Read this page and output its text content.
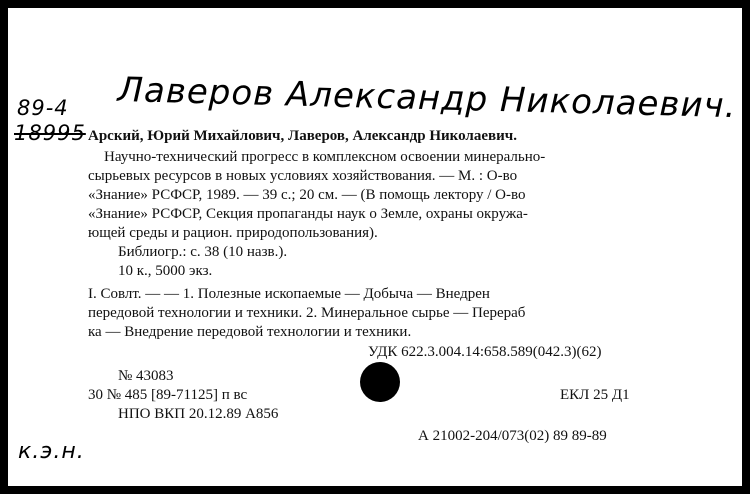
Лаверов Александр Николаевич.
89-4
18995 Арский, Юрий Михайлович, Лаверов, Александр Николаевич.
Научно-технический прогресс в комплексном освоении минерально-
сырьевых ресурсов в новых условиях хозяйствования. — М. : О-во
«Знание» РСФСР, 1989. — 39 с.; 20 см. — (В помощь лектору / О-во
«Знание» РСФСР, Секция пропаганды наук о Земле, охраны окружа-
ющей среды и рацион. природопользования).
Библиогр.: с. 38 (10 назв.).
10 к., 5000 экз.
I. Совлт. — — 1. Полезные ископаемые — Добыча — Внедрен
передовой технологии и техники. 2. Минеральное сырье — Перераб
ка — Внедрение передовой технологии и техники.
УДК 622.3.004.14:658.589(042.3)(62)
№ 43083
30 № 485 [89-71125] п вс	ЕКЛ 25 Д1
НПО ВКП 20.12.89 А856
А 21002-204/073(02) 89 89-89
к.э.н.
